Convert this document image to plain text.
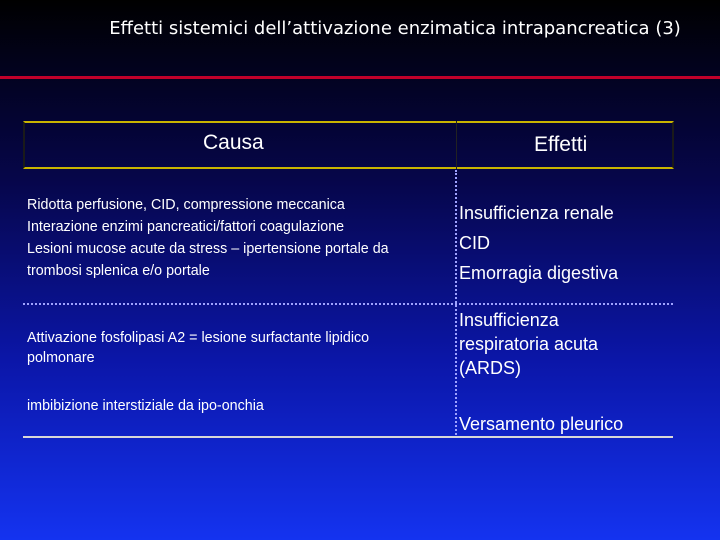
Effetti sistemici dell’attivazione enzimatica intrapancreatica (3)
Causa	Effetti
Ridotta perfusione, CID, compressione meccanica
Interazione enzimi pancreatici/fattori coagulazione
Lesioni mucose acute da stress – ipertensione portale da
trombosi splenica e/o portale
Insufficienza renale
CID
Emorragia digestiva
Attivazione fosfolipasi A2 = lesione surfactante lipidico
polmonare
Insufficienza
respiratoria acuta
(ARDS)
imbibizione interstiziale da ipo-onchia
Versamento pleurico
